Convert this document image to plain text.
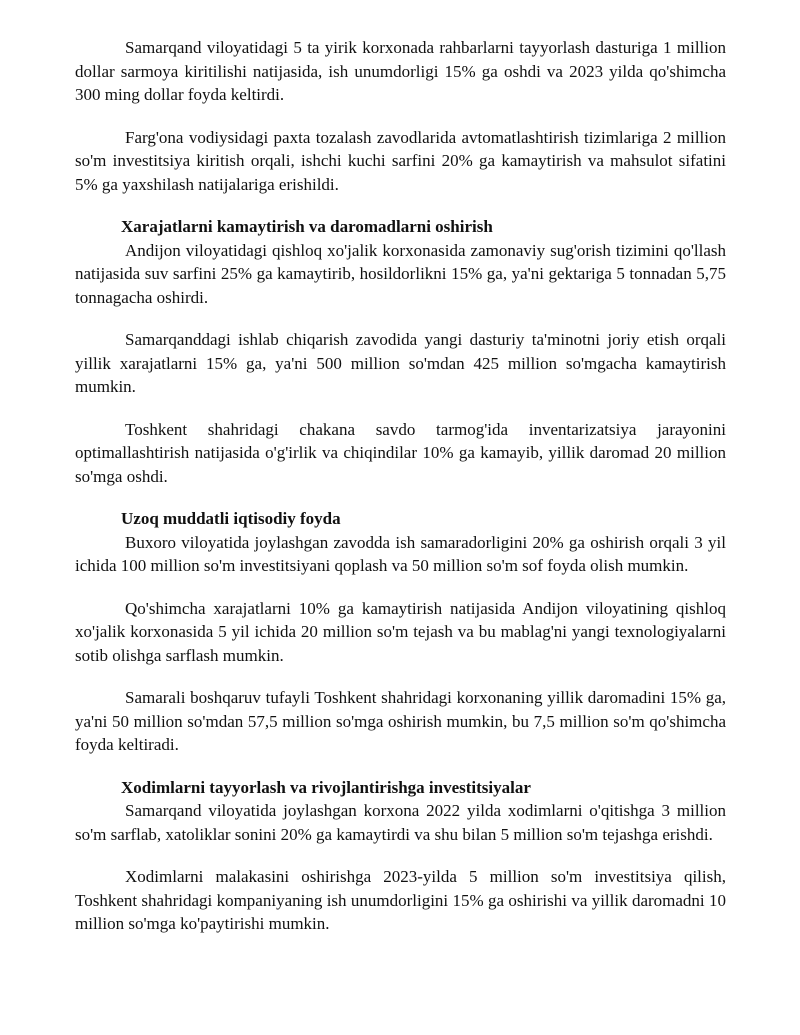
Samarqand viloyatidagi 5 ta yirik korxonada rahbarlarni tayyorlash dasturiga 1 million dollar sarmoya kiritilishi natijasida, ish unumdorligi 15% ga oshdi va 2023 yilda qo'shimcha 300 ming dollar foyda keltirdi.

Farg'ona vodiysidagi paxta tozalash zavodlarida avtomatlashtirish tizimlariga 2 million so'm investitsiya kiritish orqali, ishchi kuchi sarfini 20% ga kamaytirish va mahsulot sifatini 5% ga yaxshilash natijalariga erishildi.

Xarajatlarni kamaytirish va daromadlarni oshirish

Andijon viloyatidagi qishloq xo'jalik korxonasida zamonaviy sug'orish tizimini qo'llash natijasida suv sarfini 25% ga kamaytirib, hosildorlikni 15% ga, ya'ni gektariga 5 tonnadan 5,75 tonnagacha oshirdi.

Samarqanddagi ishlab chiqarish zavodida yangi dasturiy ta'minotni joriy etish orqali yillik xarajatlarni 15% ga, ya'ni 500 million so'mdan 425 million so'mgacha kamaytirish mumkin.

Toshkent shahridagi chakana savdo tarmog'ida inventarizatsiya jarayonini optimallashtirish natijasida o'g'irlik va chiqindilar 10% ga kamayib, yillik daromad 20 million so'mga oshdi.

Uzoq muddatli iqtisodiy foyda

Buxoro viloyatida joylashgan zavodda ish samaradorligini 20% ga oshirish orqali 3 yil ichida 100 million so'm investitsiyani qoplash va 50 million so'm sof foyda olish mumkin.

Qo'shimcha xarajatlarni 10% ga kamaytirish natijasida Andijon viloyatining qishloq xo'jalik korxonasida 5 yil ichida 20 million so'm tejash va bu mablag'ni yangi texnologiyalarni sotib olishga sarflash mumkin.

Samarali boshqaruv tufayli Toshkent shahridagi korxonaning yillik daromadini 15% ga, ya'ni 50 million so'mdan 57,5 million so'mga oshirish mumkin, bu 7,5 million so'm qo'shimcha foyda keltiradi.

Xodimlarni tayyorlash va rivojlantirishga investitsiyalar

Samarqand viloyatida joylashgan korxona 2022 yilda xodimlarni o'qitishga 3 million so'm sarflab, xatoliklar sonini 20% ga kamaytirdi va shu bilan 5 million so'm tejashga erishdi.

Xodimlarni malakasini oshirishga 2023-yilda 5 million so'm investitsiya qilish, Toshkent shahridagi kompaniyaning ish unumdorligini 15% ga oshirishi va yillik daromadni 10 million so'mga ko'paytirishi mumkin.
